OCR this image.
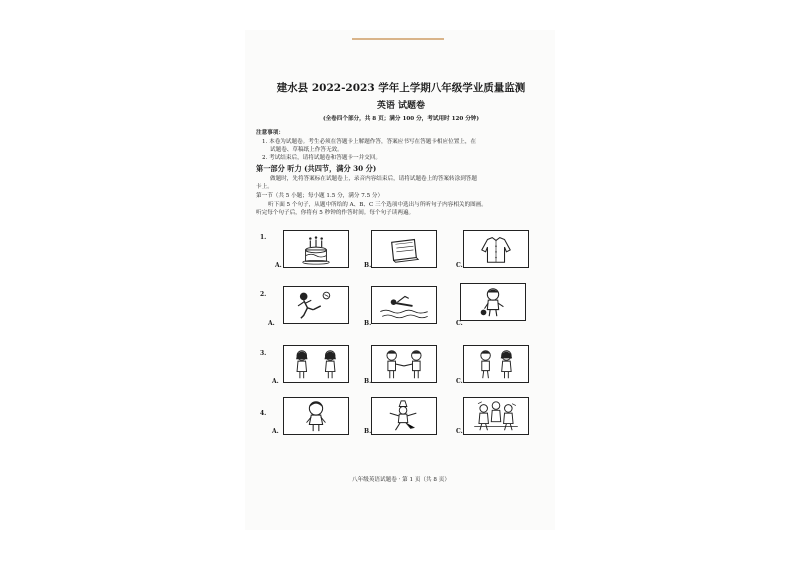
建水县 2022-2023 学年上学期八年级学业质量监测
英语 试题卷
(全卷四个部分，共 8 页；满分 100 分，考试用时 120 分钟)
注意事项：
1. 本卷为试题卷。考生必须在答题卡上解题作答，答案应书写在答题卡相应位置上，在
试题卷、草稿纸上作答无效。
2. 考试结束后，请将试题卷和答题卡一并交回。
第一部分 听力 (共四节，满分 30 分)
做题时，先将答案标在试题卷上，录音内容结束后，请将试题卷上的答案转涂到答题
卡上。
第一节（共 5 小题；每小题 1.5 分，满分 7.5 分）
听下面 5 个句子，从题中所给的 A、B、C 三个选项中选出与所听句子内容相关的图画。
听完每个句子后，你将有 5 秒钟的作答时间。每个句子读两遍。
1.
A.	B.	C.
2.
A.	B.	C.
3.
A.	B.	C.
4.
A.	B.	C.
八年级英语试题卷 · 第 1 页（共 8 页）
